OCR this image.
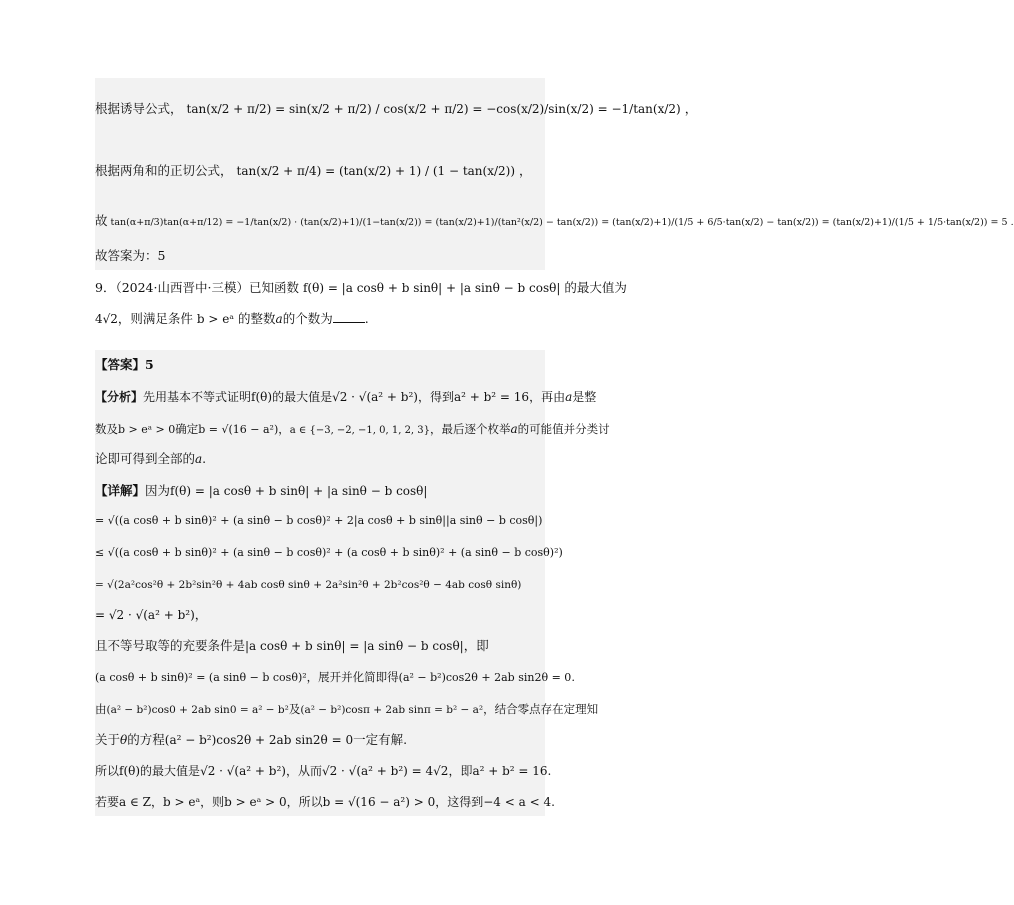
根据诱导公式， tan(x/2 + π/2) = sin(x/2 + π/2) / cos(x/2 + π/2) = −cos(x/2)/sin(x/2) = −1/tan(x/2) ，
根据两角和的正切公式， tan(x/2 + π/4) = (tan(x/2) + 1) / (1 − tan(x/2)) ，
故 tan(α+π/3)tan(α+π/12) = −1/tan(x/2) · (tan(x/2)+1)/(1−tan(x/2)) = (tan(x/2)+1)/(tan²(x/2) − tan(x/2)) = (tan(x/2)+1)/(1/5 + 6/5·tan(x/2) − tan(x/2)) = (tan(x/2)+1)/(1/5 + 1/5·tan(x/2)) = 5 .
故答案为：5
9．（2024·山西晋中·三模）已知函数 f(θ) = |a cosθ + b sinθ| + |a sinθ − b cosθ| 的最大值为
4√2，则满足条件 b > eᵃ 的整数a的个数为	.
【答案】5
【分析】先用基本不等式证明f(θ)的最大值是√2 · √(a² + b²)，得到a² + b² = 16，再由a是整
数及b > eᵃ > 0确定b = √(16 − a²)，a ∈ {−3, −2, −1, 0, 1, 2, 3}，最后逐个枚举a的可能值并分类讨
论即可得到全部的a.
【详解】因为f(θ) = |a cosθ + b sinθ| + |a sinθ − b cosθ|
= √((a cosθ + b sinθ)² + (a sinθ − b cosθ)² + 2|a cosθ + b sinθ||a sinθ − b cosθ|)
≤ √((a cosθ + b sinθ)² + (a sinθ − b cosθ)² + (a cosθ + b sinθ)² + (a sinθ − b cosθ)²)
= √(2a²cos²θ + 2b²sin²θ + 4ab cosθ sinθ + 2a²sin²θ + 2b²cos²θ − 4ab cosθ sinθ)
= √2 · √(a² + b²)，
且不等号取等的充要条件是|a cosθ + b sinθ| = |a sinθ − b cosθ|，即
(a cosθ + b sinθ)² = (a sinθ − b cosθ)²，展开并化简即得(a² − b²)cos2θ + 2ab sin2θ = 0.
由(a² − b²)cos0 + 2ab sin0 = a² − b²及(a² − b²)cosπ + 2ab sinπ = b² − a²，结合零点存在定理知
关于θ的方程(a² − b²)cos2θ + 2ab sin2θ = 0一定有解.
所以f(θ)的最大值是√2 · √(a² + b²)，从而√2 · √(a² + b²) = 4√2，即a² + b² = 16.
若要a ∈ Z，b > eᵃ，则b > eᵃ > 0，所以b = √(16 − a²) > 0，这得到−4 < a < 4.
